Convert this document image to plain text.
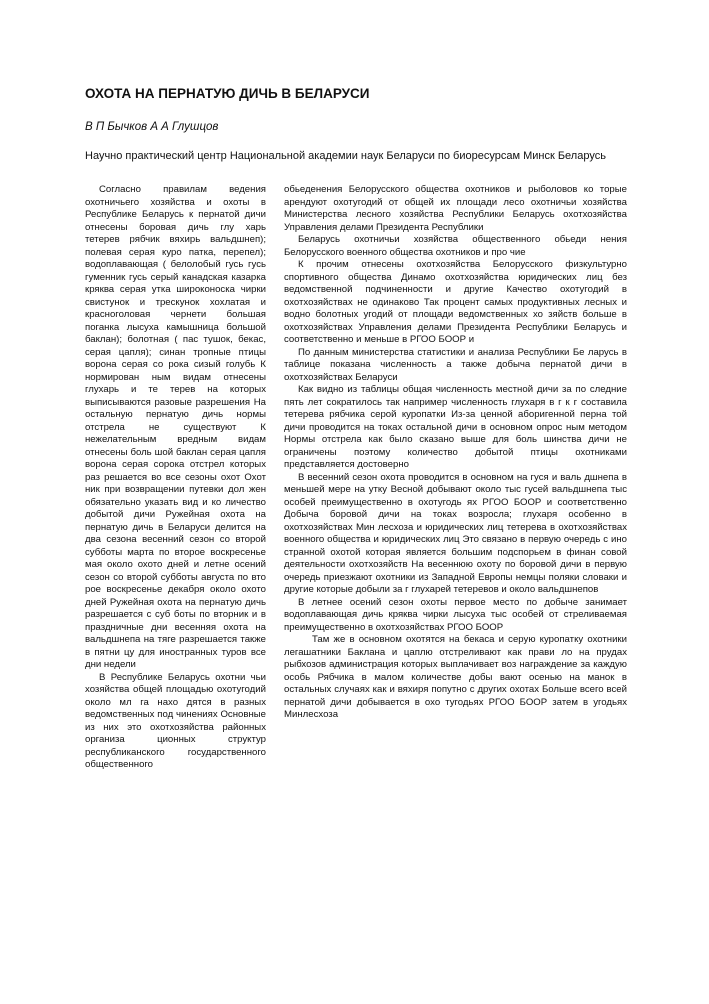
ОХОТА НА ПЕРНАТУЮ ДИЧЬ В БЕЛАРУСИ
В П Бычков А А Глушцов
Научно практический центр Национальной академии наук Беларуси по биоресурсам Минск Беларусь

Согласно правилам ведения охотничьего хозяйства и охоты в Республике Беларусь к пернатой дичи отнесены боровая дичь глу харь тетерев рябчик вяхирь вальдшнеп); полевая серая куро патка, перепел); водоплавающая ( белолобый гусь гусь гуменник гусь серый канадская казарка кряква серая утка широконоска чирки свистунок и трескунок хохлатая и красноголовая чернети большая поганка лысуха камышница большой баклан); болотная ( пас тушок, бекас, серая цапля); синан тропные птицы ворона серая со рока сизый голубь К нормирован ным видам отнесены глухарь и те терев на которых выписываются разовые разрешения На остальную пернатую дичь нормы отстрела не существуют К нежелательным вредным видам отнесены боль шой баклан серая цапля ворона серая сорока отстрел которых раз решается во все сезоны охот Охот ник при возвращении путевки дол жен обязательно указать вид и ко личество добытой дичи Ружейная охота на пернатую дичь в Беларуси делится на два сезона весенний сезон со второй субботы марта по второе воскресенье мая около охото дней и летне осений сезон со второй субботы августа по вто рое воскресенье декабря около охото дней Ружейная охота на пернатую дичь разрешается с суб боты по вторник и в праздничные дни весенняя охота на вальдшнепа на тяге разрешается также в пятни цу для иностранных туров все дни недели

В Республике Беларусь охотни чьи хозяйства общей площадью охотугодий около мл га нахо дятся в разных ведомственных под чинениях Основные из них это охотхозяйства районных организа ционных структур республиканского государственного общественного

обьеденения Белорусского общества охотников и рыболовов ко торые арендуют охотугодий от общей их площади лесо охотничьи хозяйства Министерства лесного хозяйства Республики Беларусь охотхозяйства Управления делами Президента Республики

Беларусь охотничьи хозяйства общественного обьеди нения Белорусского военного общества охотников и про чие

К прочим отнесены охотхозяйства Белорусского физкультурно спортивного общества Динамо охотхозяйства юридических лиц без ведомственной подчиненности и другие Качество охотугодий в охотхозяйствах не одинаково Так процент самых продуктивных лесных и водно болотных угодий от площади ведомственных хо зяйств больше в охотхозяйствах Управления делами Президента Республики Беларусь и соответственно и меньше в РГОО БООР и

По данным министерства статистики и анализа Республики Бе ларусь в таблице показана численность а также добыча пернатой дичи в охотхозяйствах Беларуси

Как видно из таблицы общая численность местной дичи за по следние пять лет сократилось так например численность глухаря в г к г составила тетерева рябчика серой куропатки Из-за ценной аборигенной перна той дичи проводится на токах остальной дичи в основном опрос ным методом Нормы отстрела как было сказано выше для боль шинства дичи не ограничены поэтому количество добытой птицы охотниками представляется достоверно

В весенний сезон охота проводится в основном на гуся и валь дшнепа в меньшей мере на утку Весной добывают около тыс гусей вальдшнепа тыс особей преимущественно в охотугодь ях РГОО БООР и соответственно Добыча боровой дичи на токах возросла; глухаря особенно в охотхозяйствах Мин лесхоза и юридических лиц тетерева в охотхозяйствах военного общества и юридических лиц Это связано в первую очередь с ино странной охотой которая является большим подспорьем в финан совой деятельности охотхозяйств На весеннюю охоту по боровой дичи в первую очередь приезжают охотники из Западной Европы немцы поляки словаки и другие которые добыли за г глухарей тетеревов и около вальдшнепов

В летнее осений сезон охоты первое место по добыче занимает водоплавающая дичь кряква чирки лысуха тыс особей от стреливаемая преимущественно в охотхозяйствах РГОО БООР

Там же в основном охотятся на бекаса и серую куропатку охотники легашатники Баклана и цаплю отстреливают как прави ло на прудах рыбхозов администрация которых выплачивает воз награждение за каждую особь Рябчика в малом количестве добы вают осенью на манок в остальных случаях как и вяхиря попутно с других охотах Больше всего всей пернатой дичи добывается в охо тугодьях РГОО БООР затем в угодьях Минлесхоза
